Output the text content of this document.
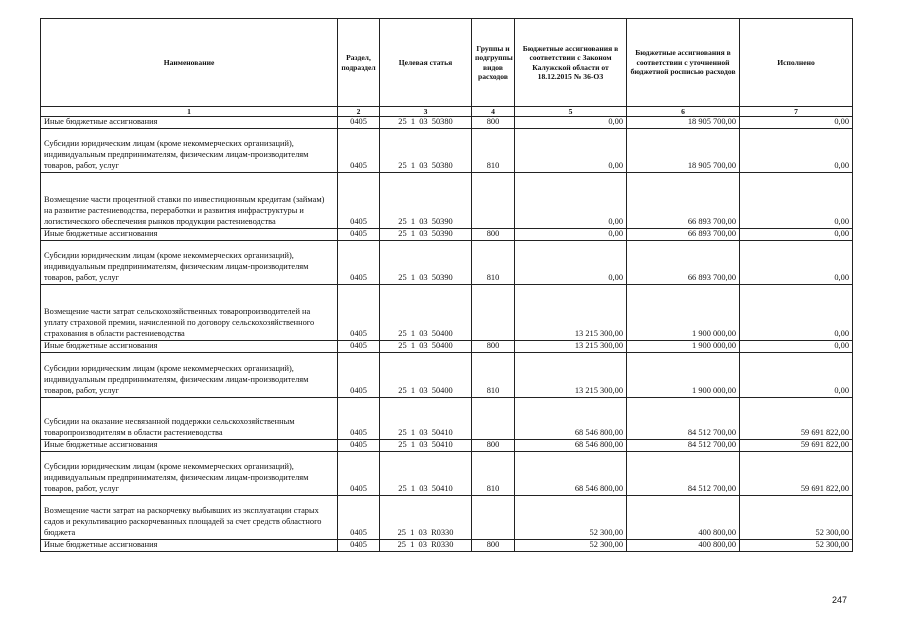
Наименование	Раздел, подраздел	Целевая статья	Группы и подгруппы видов расходов	Бюджетные ассигнования в соответствии с Законом Калужской области от 18.12.2015 № 36-ОЗ	Бюджетные ассигнования в соответствии с уточненной бюджетной росписью расходов	Исполнено
1	2	3	4	5	6	7
Иные бюджетные ассигнования	0405	25  1  03  50380	800	0,00	18 905 700,00	0,00
Субсидии юридическим лицам (кроме некоммерческих организаций), индивидуальным предпринимателям, физическим лицам-производителям товаров, работ, услуг	0405	25  1  03  50380	810	0,00	18 905 700,00	0,00
Возмещение части процентной ставки по инвестиционным кредитам (займам) на развитие растениеводства, переработки и развития инфраструктуры и логистического обеспечения рынков продукции растениеводства	0405	25  1  03  50390		0,00	66 893 700,00	0,00
Иные бюджетные ассигнования	0405	25  1  03  50390	800	0,00	66 893 700,00	0,00
Субсидии юридическим лицам (кроме некоммерческих организаций), индивидуальным предпринимателям, физическим лицам-производителям товаров, работ, услуг	0405	25  1  03  50390	810	0,00	66 893 700,00	0,00
Возмещение части затрат сельскохозяйственных товаропроизводителей на уплату страховой премии, начисленной по договору сельскохозяйственного страхования в области растениеводства	0405	25  1  03  50400		13 215 300,00	1 900 000,00	0,00
Иные бюджетные ассигнования	0405	25  1  03  50400	800	13 215 300,00	1 900 000,00	0,00
Субсидии юридическим лицам (кроме некоммерческих организаций), индивидуальным предпринимателям, физическим лицам-производителям товаров, работ, услуг	0405	25  1  03  50400	810	13 215 300,00	1 900 000,00	0,00
Субсидии на оказание несвязанной поддержки сельскохозяйственным товаропроизводителям в области растениеводства	0405	25  1  03  50410		68 546 800,00	84 512 700,00	59 691 822,00
Иные бюджетные ассигнования	0405	25  1  03  50410	800	68 546 800,00	84 512 700,00	59 691 822,00
Субсидии юридическим лицам (кроме некоммерческих организаций), индивидуальным предпринимателям, физическим лицам-производителям товаров, работ, услуг	0405	25  1  03  50410	810	68 546 800,00	84 512 700,00	59 691 822,00
Возмещение части затрат на раскорчевку выбывших из эксплуатации старых садов и рекультивацию раскорчеванных площадей за счет средств областного бюджета	0405	25  1  03  R0330		52 300,00	400 800,00	52 300,00
Иные бюджетные ассигнования	0405	25  1  03  R0330	800	52 300,00	400 800,00	52 300,00
247
